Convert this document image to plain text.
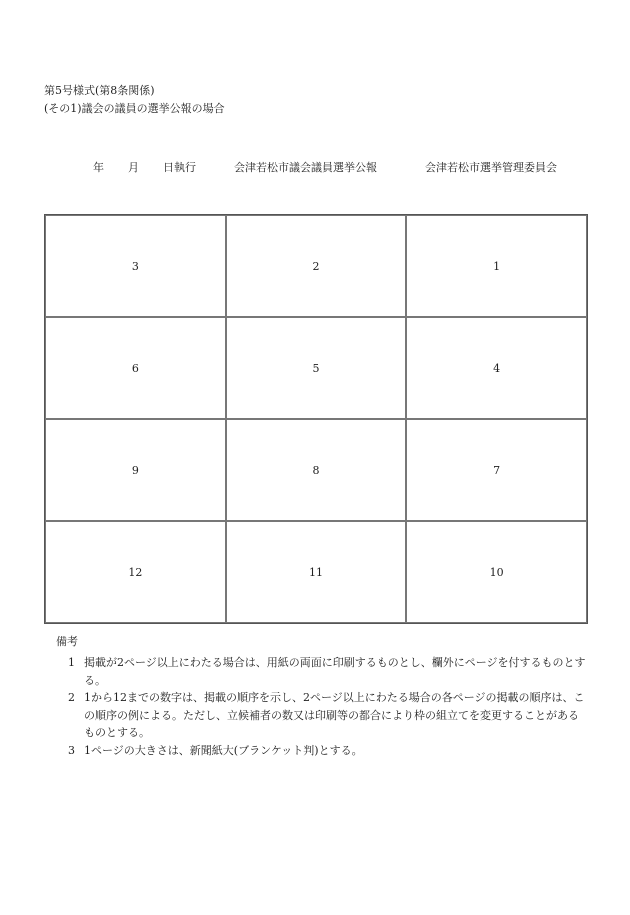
第5号様式(第8条関係)
(その1)議会の議員の選挙公報の場合
年 月 日執行	会津若松市議会議員選挙公報	会津若松市選挙管理委員会
3	2	1
6	5	4
9	8	7
12	11	10
備考
1 掲載が2ページ以上にわたる場合は、用紙の両面に印刷するものとし、欄外にページを付するものとする。
2 1から12までの数字は、掲載の順序を示し、2ページ以上にわたる場合の各ページの掲載の順序は、この順序の例による。ただし、立候補者の数又は印刷等の都合により枠の組立てを変更することがあるものとする。
3 1ページの大きさは、新聞紙大(ブランケット判)とする。
